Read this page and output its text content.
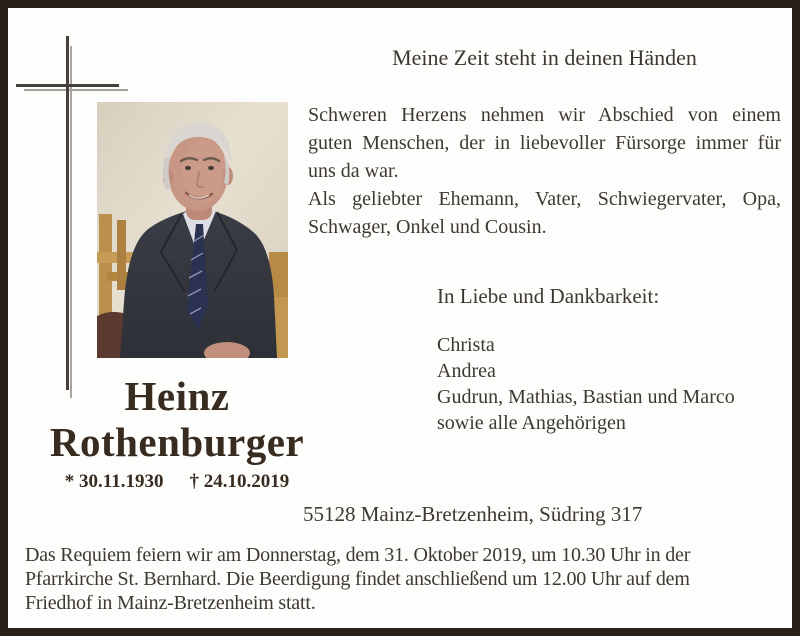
Meine Zeit steht in deinen Händen
Schweren Herzens nehmen wir Abschied von einem
guten Menschen, der in liebevoller Fürsorge immer für
uns da war.
Als geliebter Ehemann, Vater, Schwiegervater, Opa,
Schwager, Onkel und Cousin.
In Liebe und Dankbarkeit:
Christa
Andrea
Gudrun, Mathias, Bastian und Marco
sowie alle Angehörigen
Heinz
Rothenburger
* 30.11.1930 † 24.10.2019
55128 Mainz-Bretzenheim, Südring 317
Das Requiem feiern wir am Donnerstag, dem 31. Oktober 2019, um 10.30 Uhr in der
Pfarrkirche St. Bernhard. Die Beerdigung findet anschließend um 12.00 Uhr auf dem
Friedhof in Mainz-Bretzenheim statt.
